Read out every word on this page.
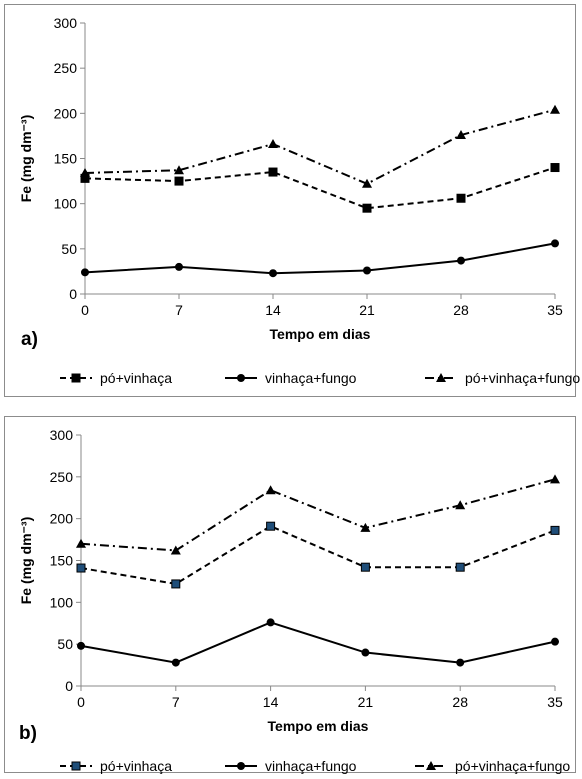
0
50
100
150
200
250
300
0	7	14	21	28	35
Tempo em dias
Fe (mg dm⁻³)
a)
pó+vinhaça	vinhaça+fungo	pó+vinhaça+fungo
0
50
100
150
200
250
300
0	7	14	21	28	35
Tempo em dias
Fe (mg dm⁻³)
b)
pó+vinhaça	vinhaça+fungo	pó+vinhaça+fungo
